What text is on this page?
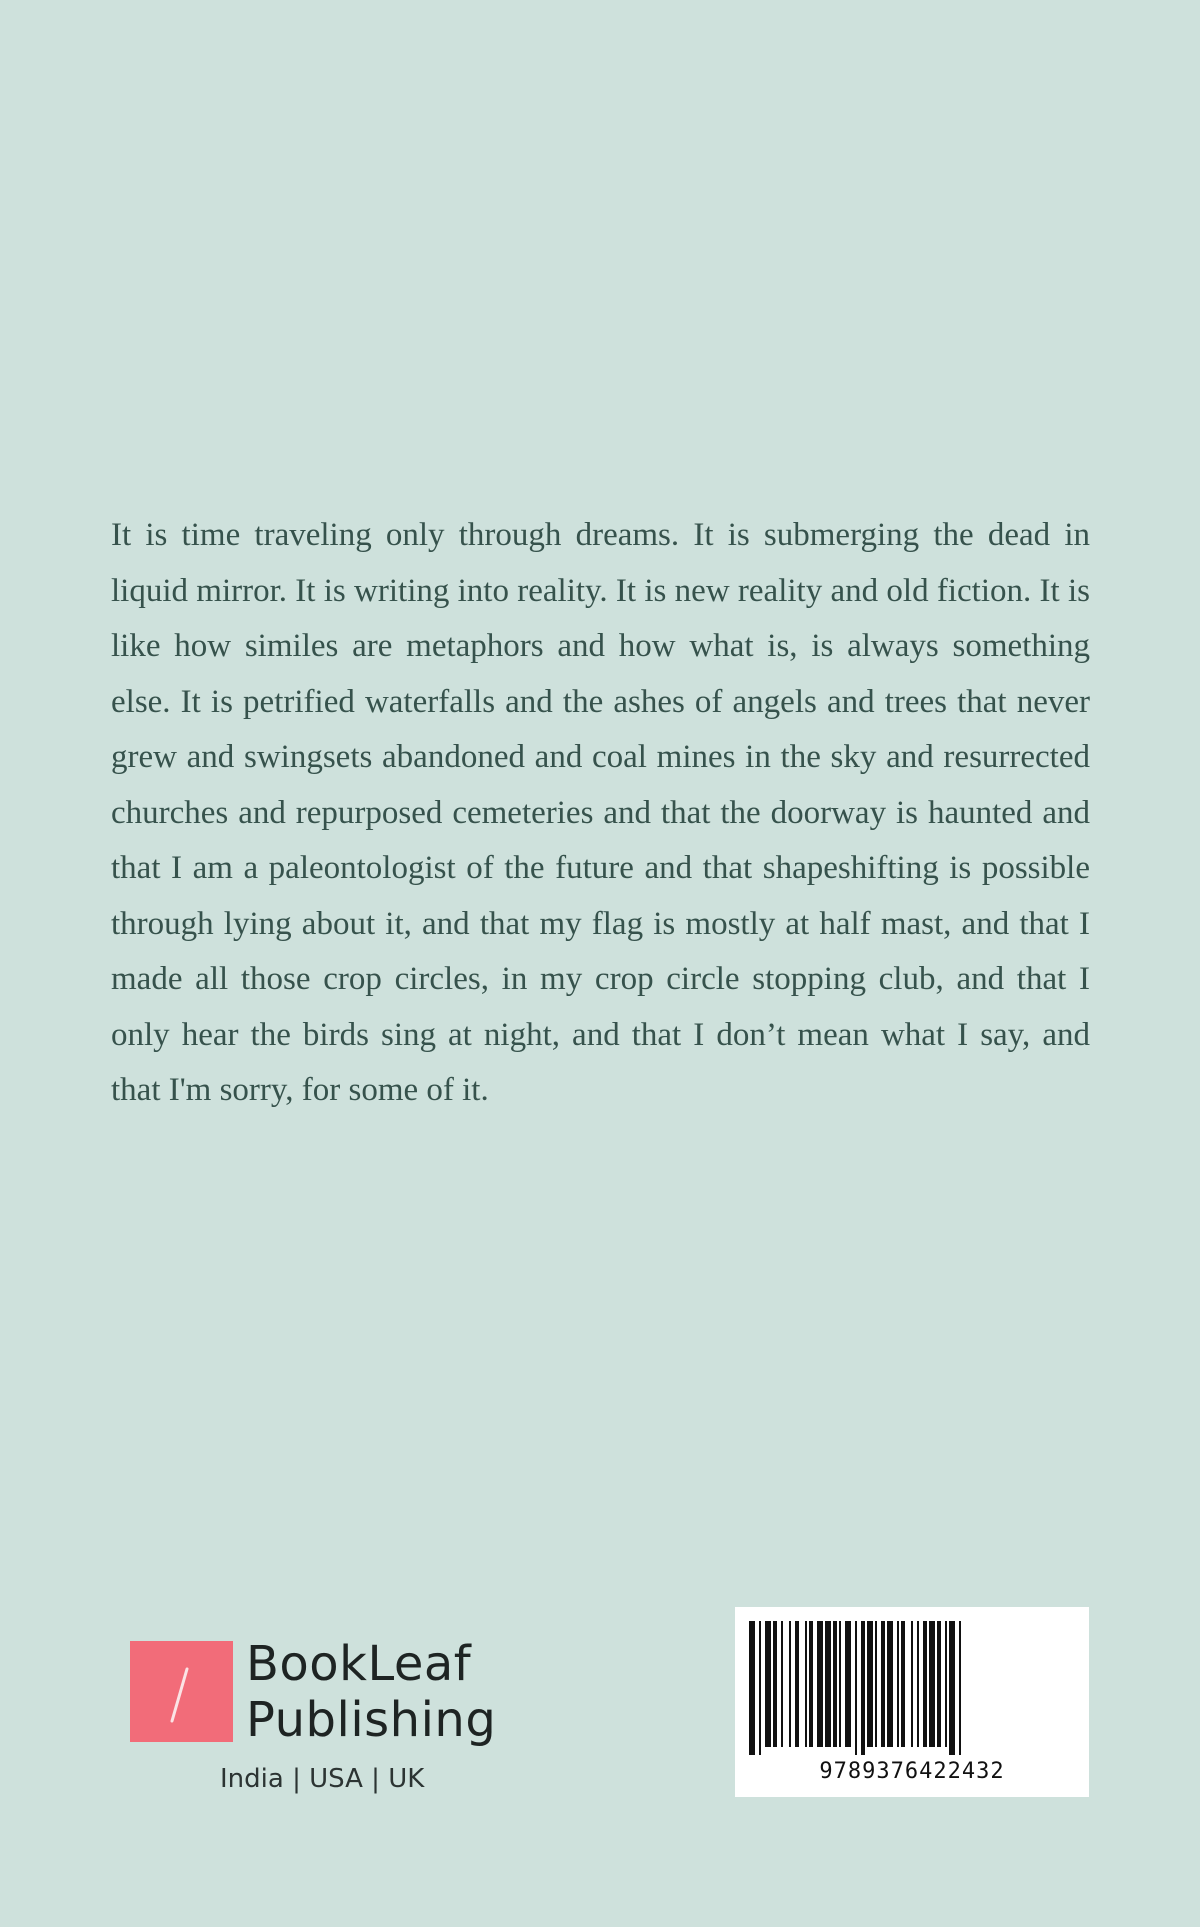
It is time traveling only through dreams. It is submerging the dead in liquid mirror. It is writing into reality. It is new reality and old fiction. It is like how similes are metaphors and how what is, is always something else. It is petrified waterfalls and the ashes of angels and trees that never grew and swingsets abandoned and coal mines in the sky and resurrected churches and repurposed cemeteries and that the doorway is haunted and that I am a paleontologist of the future and that shapeshifting is possible through lying about it, and that my flag is mostly at half mast, and that I made all those crop circles, in my crop circle stopping club, and that I only hear the birds sing at night, and that I don’t mean what I say, and that I'm sorry, for some of it.

BookLeaf
Publishing
India | USA | UK	9789376422432
